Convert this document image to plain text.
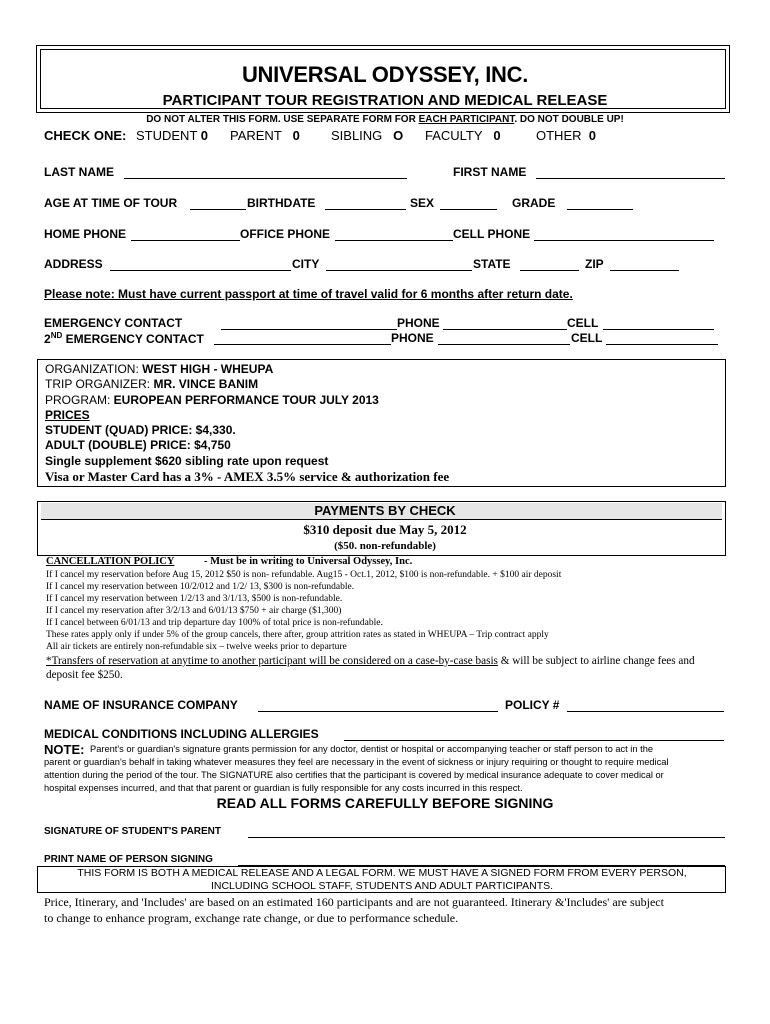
UNIVERSAL ODYSSEY, INC.
PARTICIPANT TOUR REGISTRATION AND MEDICAL RELEASE
DO NOT ALTER THIS FORM. USE SEPARATE FORM FOR EACH PARTICIPANT. DO NOT DOUBLE UP!
CHECK ONE: STUDENT 0 PARENT 0 SIBLING O FACULTY 0	OTHER 0
LAST NAME	FIRST NAME
AGE AT TIME OF TOUR	BIRTHDATE	SEX	GRADE
HOME PHONE	OFFICE PHONE	CELL PHONE
ADDRESS	CITY	STATE	ZIP
Please note: Must have current passport at time of travel valid for 6 months after return date.
EMERGENCY CONTACT	PHONE	CELL
2ND EMERGENCY CONTACT	PHONE	CELL
ORGANIZATION: WEST HIGH - WHEUPA
TRIP ORGANIZER: MR. VINCE BANIM
PROGRAM: EUROPEAN PERFORMANCE TOUR JULY 2013
PRICES
STUDENT (QUAD) PRICE: $4,330.
ADULT (DOUBLE) PRICE: $4,750
Single supplement $620 sibling rate upon request
Visa or Master Card has a 3% - AMEX 3.5% service & authorization fee
PAYMENTS BY CHECK
$310 deposit due May 5, 2012
($50. non-refundable)
CANCELLATION POLICY	- Must be in writing to Universal Odyssey, Inc.
If I cancel my reservation before Aug 15, 2012 $50 is non- refundable. Aug15 - Oct.1, 2012, $100 is non-refundable. + $100 air deposit
If I cancel my reservation between 10/2/012 and 1/2/ 13, $300 is non-refundable.
If I cancel my reservation between 1/2/13 and 3/1/13, $500 is non-refundable.
If I cancel my reservation after 3/2/13 and 6/01/13 $750 + air charge ($1,300)
If I cancel between 6/01/13 and trip departure day 100% of total price is non-refundable.
These rates apply only if under 5% of the group cancels, there after, group attrition rates as stated in WHEUPA – Trip contract apply
All air tickets are entirely non-refundable six – twelve weeks prior to departure
*Transfers of reservation at anytime to another participant will be considered on a case-by-case basis & will be subject to airline change fees and
deposit fee $250.
NAME OF INSURANCE COMPANY	POLICY #
MEDICAL CONDITIONS INCLUDING ALLERGIES
NOTE: Parent's or guardian's signature grants permission for any doctor, dentist or hospital or accompanying teacher or staff person to act in the
parent or guardian's behalf in taking whatever measures they feel are necessary in the event of sickness or injury requiring or thought to require medical
attention during the period of the tour. The SIGNATURE also certifies that the participant is covered by medical insurance adequate to cover medical or
hospital expenses incurred, and that that parent or guardian is fully responsible for any costs incurred in this respect.
READ ALL FORMS CAREFULLY BEFORE SIGNING
SIGNATURE OF STUDENT'S PARENT
PRINT NAME OF PERSON SIGNING
THIS FORM IS BOTH A MEDICAL RELEASE AND A LEGAL FORM. WE MUST HAVE A SIGNED FORM FROM EVERY PERSON,
INCLUDING SCHOOL STAFF, STUDENTS AND ADULT PARTICIPANTS.
Price, Itinerary, and 'Includes' are based on an estimated 160 participants and are not guaranteed. Itinerary &'Includes' are subject
to change to enhance program, exchange rate change, or due to performance schedule.
